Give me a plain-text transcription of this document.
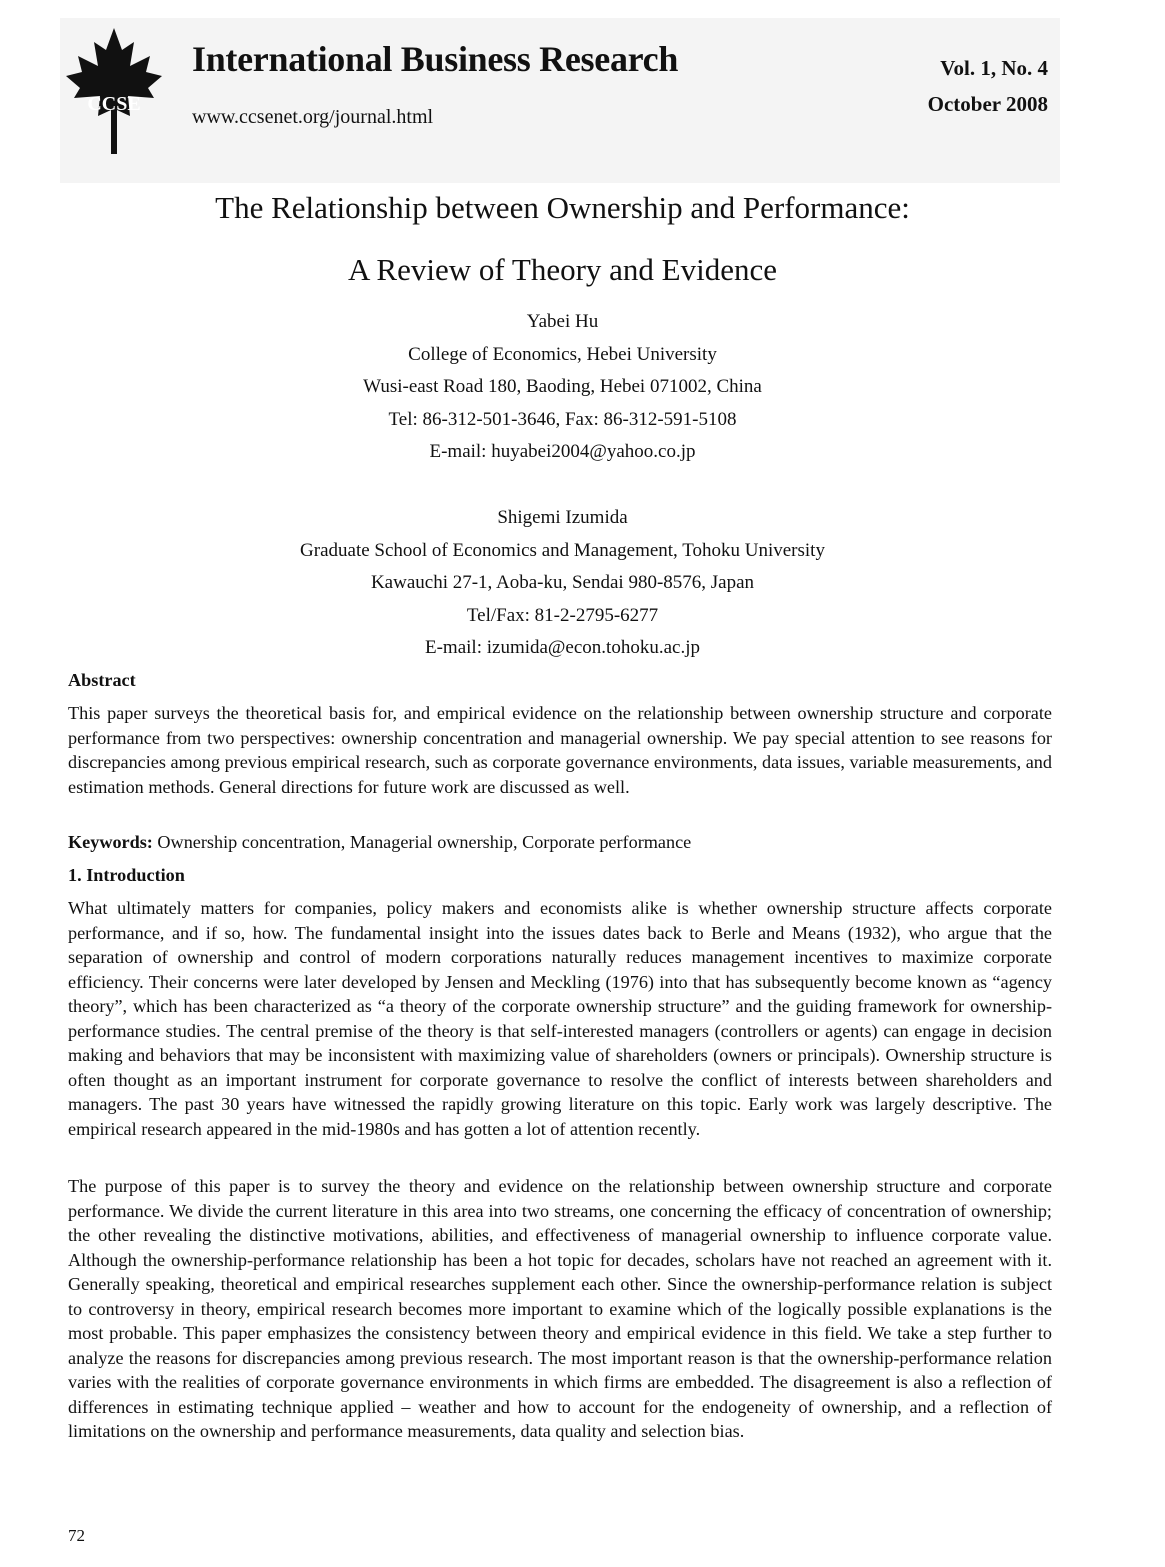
CCSE
International Business Research
www.ccsenet.org/journal.html
Vol. 1, No. 4
October 2008
The Relationship between Ownership and Performance:
A Review of Theory and Evidence
Yabei Hu
College of Economics, Hebei University
Wusi-east Road 180, Baoding, Hebei 071002, China
Tel: 86-312-501-3646, Fax: 86-312-591-5108
E-mail: huyabei2004@yahoo.co.jp
Shigemi Izumida
Graduate School of Economics and Management, Tohoku University
Kawauchi 27-1, Aoba-ku, Sendai 980-8576, Japan
Tel/Fax: 81-2-2795-6277
E-mail: izumida@econ.tohoku.ac.jp
Abstract
This paper surveys the theoretical basis for, and empirical evidence on the relationship between ownership structure and corporate performance from two perspectives: ownership concentration and managerial ownership. We pay special attention to see reasons for discrepancies among previous empirical research, such as corporate governance environments, data issues, variable measurements, and estimation methods. General directions for future work are discussed as well.
Keywords: Ownership concentration, Managerial ownership, Corporate performance
1. Introduction
What ultimately matters for companies, policy makers and economists alike is whether ownership structure affects corporate performance, and if so, how. The fundamental insight into the issues dates back to Berle and Means (1932), who argue that the separation of ownership and control of modern corporations naturally reduces management incentives to maximize corporate efficiency. Their concerns were later developed by Jensen and Meckling (1976) into that has subsequently become known as “agency theory”, which has been characterized as “a theory of the corporate ownership structure” and the guiding framework for ownership-performance studies. The central premise of the theory is that self-interested managers (controllers or agents) can engage in decision making and behaviors that may be inconsistent with maximizing value of shareholders (owners or principals). Ownership structure is often thought as an important instrument for corporate governance to resolve the conflict of interests between shareholders and managers. The past 30 years have witnessed the rapidly growing literature on this topic. Early work was largely descriptive. The empirical research appeared in the mid-1980s and has gotten a lot of attention recently.
The purpose of this paper is to survey the theory and evidence on the relationship between ownership structure and corporate performance. We divide the current literature in this area into two streams, one concerning the efficacy of concentration of ownership; the other revealing the distinctive motivations, abilities, and effectiveness of managerial ownership to influence corporate value. Although the ownership-performance relationship has been a hot topic for decades, scholars have not reached an agreement with it. Generally speaking, theoretical and empirical researches supplement each other. Since the ownership-performance relation is subject to controversy in theory, empirical research becomes more important to examine which of the logically possible explanations is the most probable. This paper emphasizes the consistency between theory and empirical evidence in this field. We take a step further to analyze the reasons for discrepancies among previous research. The most important reason is that the ownership-performance relation varies with the realities of corporate governance environments in which firms are embedded. The disagreement is also a reflection of differences in estimating technique applied – weather and how to account for the endogeneity of ownership, and a reflection of limitations on the ownership and performance measurements, data quality and selection bias.
72
